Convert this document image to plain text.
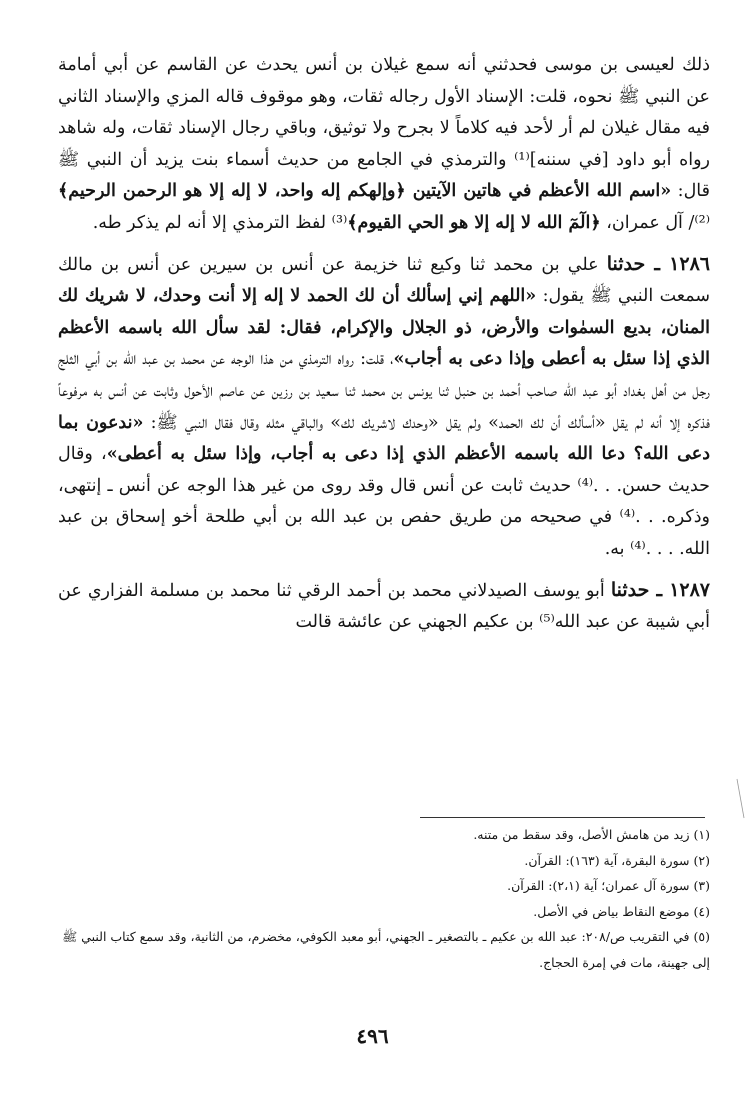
ذلك لعيسى بن موسى فحدثني أنه سمع غيلان بن أنس يحدث عن القاسم عن أبي أمامة عن النبي ﷺ نحوه، قلت: الإسناد الأول رجاله ثقات، وهو موقوف قاله المزي والإسناد الثاني فيه مقال غيلان لم أر لأحد فيه كلاماً لا بجرح ولا توثيق، وباقي رجال الإسناد ثقات، وله شاهد رواه أبو داود [في سننه]⁽¹⁾ والترمذي في الجامع من حديث أسماء بنت يزيد أن النبي ﷺ قال: «اسم الله الأعظم في هاتين الآيتين ﴿وإلهكم إله واحد، لا إله إلا هو الرحمن الرحيم﴾⁽²⁾/ آل عمران، ﴿الٓمٓ الله لا إله إلا هو الحي القيوم﴾⁽³⁾ لفظ الترمذي إلا أنه لم يذكر طه.

١٢٨٦ ـ حدثنا علي بن محمد ثنا وكيع ثنا خزيمة عن أنس بن سيرين عن أنس بن مالك سمعت النبي ﷺ يقول: «اللهم إني إسألك أن لك الحمد لا إله إلا أنت وحدك، لا شريك لك المنان، بديع السمٰوات والأرض، ذو الجلال والإكرام، فقال: لقد سأل الله باسمه الأعظم الذي إذا سئل به أعطى وإذا دعى به أجاب»، قلت: رواه الترمذي من هذا الوجه عن محمد بن عبد الله بن أبي الثلج رجل من أهل بغداد أبو عبد الله صاحب أحمد بن حنبل ثنا يونس بن محمد ثنا سعيد بن رزين عن عاصم الأحول وثابت عن أنس به مرفوعاً فذكره إلا أنه لم يقل «أسألك أن لك الحمد» ولم يقل «وحدك لاشريك لك» والباقي مثله وقال فقال النبي ﷺ: «ندعون بما دعى الله؟ دعا الله باسمه الأعظم الذي إذا دعى به أجاب، وإذا سئل به أعطى»، وقال حديث حسن. . .⁽⁴⁾ حديث ثابت عن أنس قال وقد روى من غير هذا الوجه عن أنس ـ إنتهى، وذكره. . .⁽⁴⁾ في صحيحه من طريق حفص بن عبد الله بن أبي طلحة أخو إسحاق بن عبد الله. . . .⁽⁴⁾ به.

١٢٨٧ ـ حدثنا أبو يوسف الصيدلاني محمد بن أحمد الرقي ثنا محمد بن مسلمة الفزاري عن أبي شيبة عن عبد الله⁽⁵⁾ بن عكيم الجهني عن عائشة قالت

(١) زيد من هامش الأصل، وقد سقط من متنه.

(٢) سورة البقرة، آية (١٦٣): القرآن.

(٣) سورة آل عمران؛ آية (٢،١): القرآن.

(٤) موضع النقاط بياض في الأصل.

(٥) في التقريب ص/٢٠٨: عبد الله بن عكيم ـ بالتصغير ـ الجهني، أبو معبد الكوفي، مخضرم، من الثانية، وقد سمع كتاب النبي ﷺ إلى جهينة، مات في إمرة الحجاج.

٤٩٦
